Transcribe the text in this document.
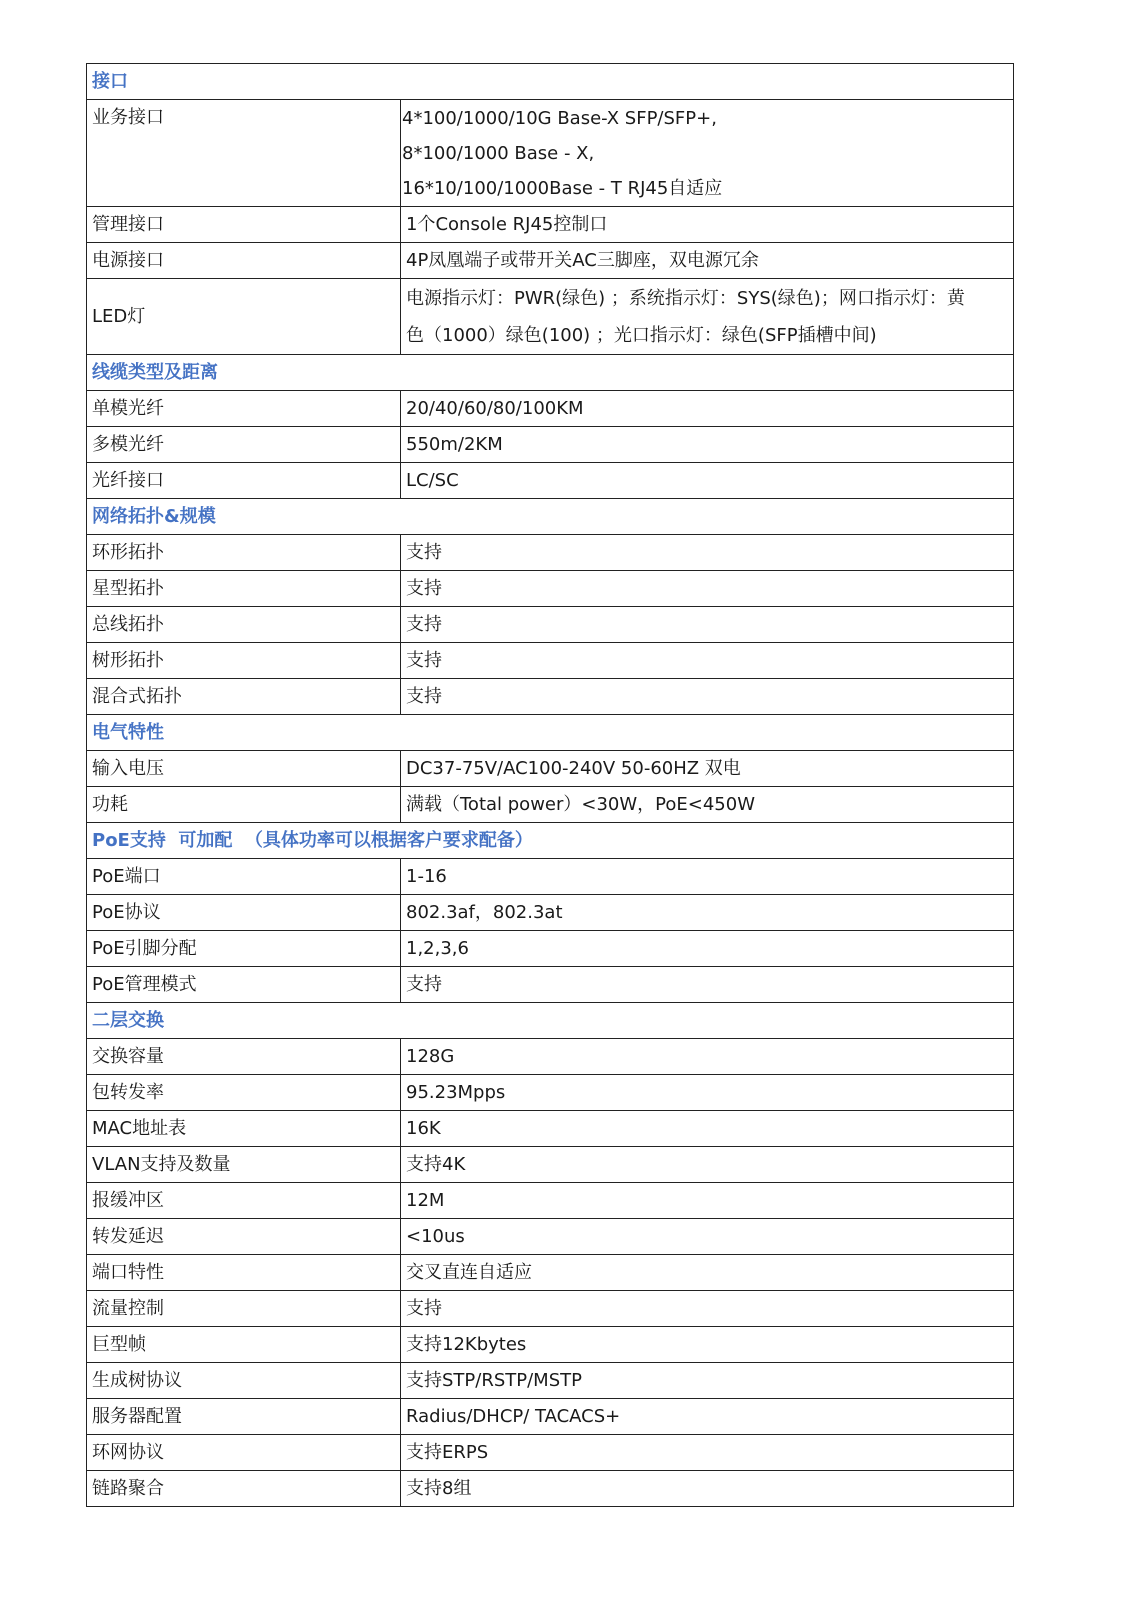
接口	
业务接口	4*100/1000/10G Base-X SFP/SFP+,
8*100/1000 Base - X,
16*10/100/1000Base - T RJ45自适应

管理接口	1个Console RJ45控制口
电源接口	4P凤凰端子或带开关AC三脚座，双电源冗余
LED灯	电源指示灯：PWR(绿色) ；系统指示灯：SYS(绿色)；网口指示灯：黄
色（1000）绿色(100) ；光口指示灯：绿色(SFP插槽中间)

线缆类型及距离	
单模光纤	20/40/60/80/100KM
多模光纤	550m/2KM
光纤接口	LC/SC
网络拓扑&规模	
环形拓扑	支持
星型拓扑	支持
总线拓扑	支持
树形拓扑	支持
混合式拓扑	支持
电气特性	
输入电压	DC37-75V/AC100-240V 50-60HZ 双电
功耗	满载（Total power）<30W，PoE<450W
PoE支持  可加配  （具体功率可以根据客户要求配备）	
PoE端口	1-16
PoE协议	802.3af，802.3at
PoE引脚分配	1,2,3,6
PoE管理模式	支持
二层交换	
交换容量	128G
包转发率	95.23Mpps
MAC地址表	16K
VLAN支持及数量	支持4K
报缓冲区	12M
转发延迟	<10us
端口特性	交叉直连自适应
流量控制	支持
巨型帧	支持12Kbytes
生成树协议	支持STP/RSTP/MSTP
服务器配置	Radius/DHCP/ TACACS+
环网协议	支持ERPS
链路聚合	支持8组
